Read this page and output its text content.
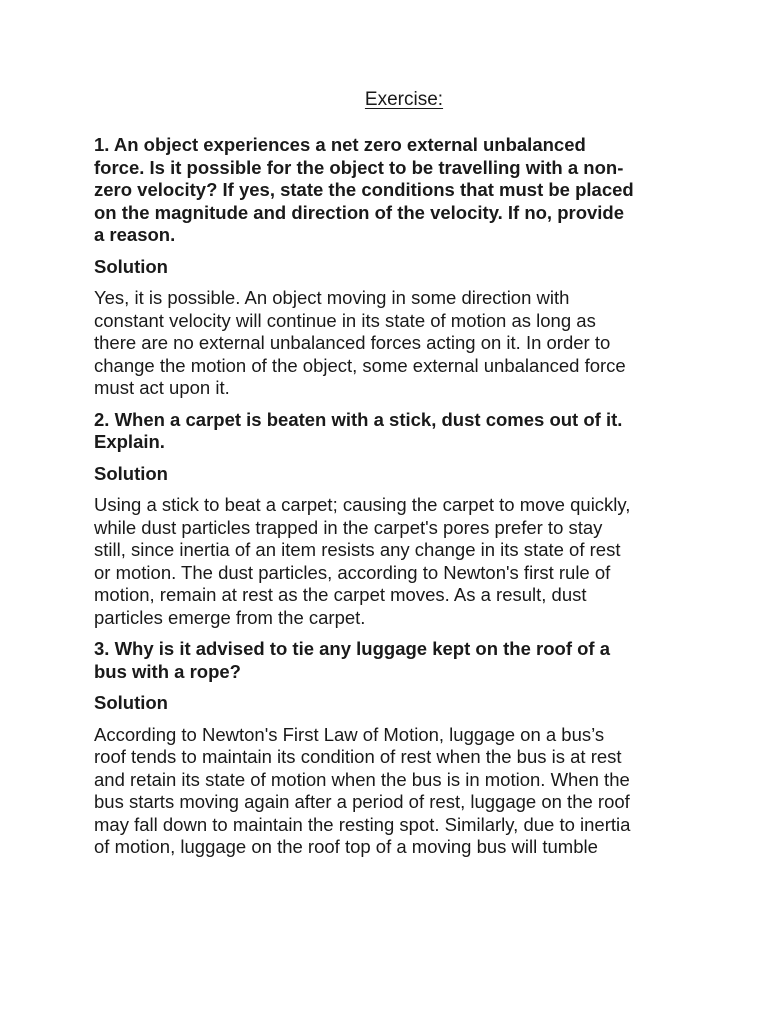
Exercise:
1. An object experiences a net zero external unbalanced
force. Is it possible for the object to be travelling with a non-
zero velocity? If yes, state the conditions that must be placed
on the magnitude and direction of the velocity. If no, provide
a reason.
Solution
Yes, it is possible. An object moving in some direction with
constant velocity will continue in its state of motion as long as
there are no external unbalanced forces acting on it. In order to
change the motion of the object, some external unbalanced force
must act upon it.
2. When a carpet is beaten with a stick, dust comes out of it.
Explain.
Solution
Using a stick to beat a carpet; causing the carpet to move quickly,
while dust particles trapped in the carpet's pores prefer to stay
still, since inertia of an item resists any change in its state of rest
or motion. The dust particles, according to Newton's first rule of
motion, remain at rest as the carpet moves. As a result, dust
particles emerge from the carpet.
3. Why is it advised to tie any luggage kept on the roof of a
bus with a rope?
Solution
According to Newton's First Law of Motion, luggage on a bus’s
roof tends to maintain its condition of rest when the bus is at rest
and retain its state of motion when the bus is in motion. When the
bus starts moving again after a period of rest, luggage on the roof
may fall down to maintain the resting spot. Similarly, due to inertia
of motion, luggage on the roof top of a moving bus will tumble
